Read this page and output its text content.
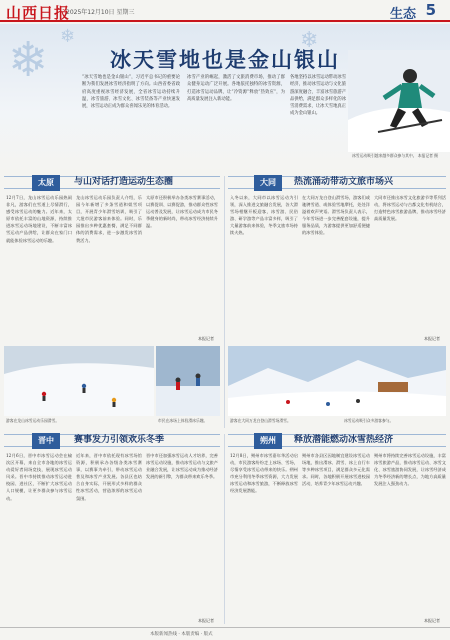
山西日报
2025年12月10日 星期三	生态 5
❄ ❄	❄
冰天雪地也是金山银山
“冰天雪地也是金山银山”，习近平总书记的重要论断为我们发展冰雪经济指明了方向。山西省委省政府高度重视冰雪经济发展，全省冰雪运动持续升温，冰雪旅游、冰雪文化、冰雪装备等产业快速发展，冰雪运动正成为群众喜闻乐见的体育活动。
冰雪产业的崛起，激活了文旅消费市场，推动了群众健身运动广泛开展。各地依托独特的冰雪资源，打造冰雪运动品牌，让“冷资源”释放“热效应”，为高质量发展注入新动能。
各地坚持以冰雪运动带动冰雪经济，推动冰雪运动与文化旅游深度融合，丰富冰雪旅游产品供给，满足群众多样化的冰雪消费需求，让冰天雪地真正成为金山银山。
冰雪运动吸引越来越多群众参与其中。 本报记者 摄
太原	与山对话打造运动生态圈
12月7日，龙山冰雪运动乐园热闹非凡，游客们在雪道上尽情滑行，感受冰雪运动的魅力。近年来，太原市依托丰富的山地资源，持续推进冰雪运动场地建设，不断丰富冰雪运动产品供给，让群众在家门口就能体验冰雪运动的乐趣。
龙山冰雪运动乐园负责人介绍，乐园今年新增了多条雪道和娱雪项目，开展青少年滑雪培训，吸引了大批市民游客前来体验。同时，乐园推出多种优惠套餐，满足不同群体的消费需求，进一步激发冰雪消费活力。
太原市还积极举办各类冰雪赛事活动，以赛促训、以赛促游，推动群众性冰雪运动普及发展，让冰雪运动成为市民冬季健身的新时尚，带动冰雪经济持续升温。
本报记者
游客在龙山冰雪运动乐园滑雪。	市民在冰场上体验滑冰乐趣。
大同	热流涌动带动文旅市场兴
入冬以来，大同市以冰雪运动为引领，深入推进文旅融合发展，各大滑雪场相继开板迎客，冰雪游、民俗游、研学游等产品丰富多样，吸引了大量游客前来体验，冬季文旅市场持续火热。
在大同万龙白登山滑雪场，游客们或驰骋雪道、或体验雪地摩托，处处洋溢着欢声笑语。滑雪场负责人表示，今年雪场进一步完善配套设施，提升服务品质，为游客提供更加舒适便捷的冰雪体验。
大同市还推出冰雪文化旅游节等系列活动，将冰雪运动与古都文化有机结合，打造特色冰雪旅游品牌，推动冰雪经济高质量发展。
本报记者
游客在大同万龙白登山滑雪场滑雪。	冰雪运动吸引众多游客参与。
晋中	赛事发力引领欢乐冬季
12月6日，晋中市冰雪运动会在榆次区开幕，来自全市各地的冰雪运动爱好者同场竞技，展现冰雪运动风采。晋中市持续推动冰雪运动进校园、进社区，不断扩大冰雪运动人口规模，让更多群众参与冰雪运动。
近年来，晋中市依托现有冰雪场馆资源，积极承办各级各类冰雪赛事，以赛事为牵引，带动冰雪运动普及和冰雪产业发展。各县区也结合自身实际，开展形式多样的群众性冰雪活动，营造浓厚的冰雪运动氛围。
晋中市还加强冰雪运动人才培养，完善冰雪运动设施，推动冰雪运动与文旅产业融合发展，让冰雪运动成为推动经济发展的新引擎，为群众带来欢乐冬季。
本报记者
朔州	释放潜能燃动冰雪热经济
12月8日，朔州市冰雪嘉年华活动启动，市民游客纷纷走上冰场、雪场，尽情享受冰雪运动带来的快乐。朔州市充分利用冬季冰雪资源，大力发展冰雪运动和冰雪旅游，不断释放冰雪经济发展潜能。
朔州市各县区因地制宜建设冰雪运动场地，推出滑冰、滑雪、冰上自行车等多种冰雪项目，满足群众多元化需求。同时，各地积极开展冰雪进校园活动，培养青少年冰雪运动兴趣。
朔州市将持续完善冰雪运动设施，丰富冰雪旅游产品，推动冰雪运动、冰雪文化、冰雪旅游协同发展，让冰雪经济成为冬季经济新的增长点，为地方高质量发展注入强劲动力。
本报记者
本版新闻热线 · 本版责编 · 版式
